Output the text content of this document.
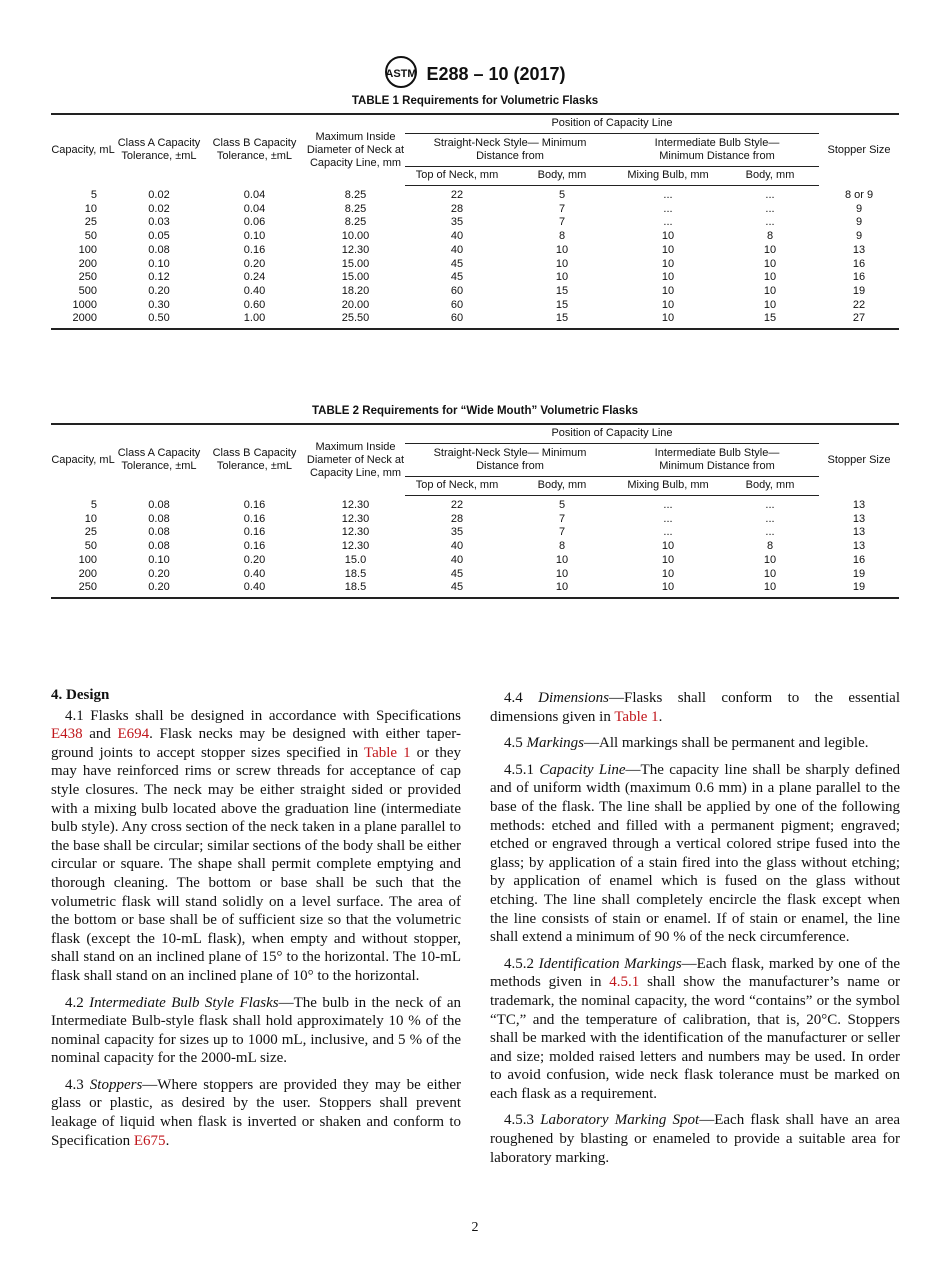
ASTM E288 – 10 (2017)
TABLE 1 Requirements for Volumetric Flasks
Capacity, mL	Class A Capacity Tolerance, ±mL	Class B Capacity Tolerance, ±mL	Maximum Inside Diameter of Neck at Capacity Line, mm	Position of Capacity Line				Stopper Size
				Straight-Neck Style— Minimum Distance from		Intermediate Bulb Style— Minimum Distance from		
				Top of Neck, mm	Body, mm	Mixing Bulb, mm	Body, mm	
5	0.02	0.04	8.25	22	5	...	...	8 or 9
10	0.02	0.04	8.25	28	7	...	...	9
25	0.03	0.06	8.25	35	7	...	...	9
50	0.05	0.10	10.00	40	8	10	8	9
100	0.08	0.16	12.30	40	10	10	10	13
200	0.10	0.20	15.00	45	10	10	10	16
250	0.12	0.24	15.00	45	10	10	10	16
500	0.20	0.40	18.20	60	15	10	10	19
1000	0.30	0.60	20.00	60	15	10	10	22
2000	0.50	1.00	25.50	60	15	10	15	27
TABLE 2 Requirements for “Wide Mouth” Volumetric Flasks
Capacity, mL	Class A Capacity Tolerance, ±mL	Class B Capacity Tolerance, ±mL	Maximum Inside Diameter of Neck at Capacity Line, mm	Position of Capacity Line				Stopper Size
				Straight-Neck Style— Minimum Distance from		Intermediate Bulb Style— Minimum Distance from		
				Top of Neck, mm	Body, mm	Mixing Bulb, mm	Body, mm	
5	0.08	0.16	12.30	22	5	...	...	13
10	0.08	0.16	12.30	28	7	...	...	13
25	0.08	0.16	12.30	35	7	...	...	13
50	0.08	0.16	12.30	40	8	10	8	13
100	0.10	0.20	15.0	40	10	10	10	16
200	0.20	0.40	18.5	45	10	10	10	19
250	0.20	0.40	18.5	45	10	10	10	19
4. Design

4.1 Flasks shall be designed in accordance with Specifications E438 and E694. Flask necks may be designed with either taper-ground joints to accept stopper sizes specified in Table 1 or they may have reinforced rims or screw threads for acceptance of cap style closures. The neck may be either straight sided or provided with a mixing bulb located above the graduation line (intermediate bulb style). Any cross section of the neck taken in a plane parallel to the base shall be circular; similar sections of the body shall be either circular or square. The shape shall permit complete emptying and thorough cleaning. The bottom or base shall be such that the volumetric flask will stand solidly on a level surface. The area of the bottom or base shall be of sufficient size so that the volumetric flask (except the 10-mL flask), when empty and without stopper, shall stand on an inclined plane of 15° to the horizontal. The 10-mL flask shall stand on an inclined plane of 10° to the horizontal.

4.2 Intermediate Bulb Style Flasks—The bulb in the neck of an Intermediate Bulb-style flask shall hold approximately 10 % of the nominal capacity for sizes up to 1000 mL, inclusive, and 5 % of the nominal capacity for the 2000-mL size.

4.3 Stoppers—Where stoppers are provided they may be either glass or plastic, as desired by the user. Stoppers shall prevent leakage of liquid when flask is inverted or shaken and conform to Specification E675.

4.4 Dimensions—Flasks shall conform to the essential dimensions given in Table 1.

4.5 Markings—All markings shall be permanent and legible.

4.5.1 Capacity Line—The capacity line shall be sharply defined and of uniform width (maximum 0.6 mm) in a plane parallel to the base of the flask. The line shall be applied by one of the following methods: etched and filled with a permanent pigment; engraved; etched or engraved through a vertical colored stripe fused into the glass; by application of a stain fired into the glass without etching; by application of enamel which is fused on the glass without etching. The line shall completely encircle the flask except when the line consists of stain or enamel. If of stain or enamel, the line shall extend a minimum of 90 % of the neck circumference.

4.5.2 Identification Markings—Each flask, marked by one of the methods given in 4.5.1 shall show the manufacturer’s name or trademark, the nominal capacity, the word “contains” or the symbol “TC,” and the temperature of calibration, that is, 20°C. Stoppers shall be marked with the identification of the manufacturer or seller and size; molded raised letters and numbers may be used. In order to avoid confusion, wide neck flask tolerance must be marked on each flask as a requirement.

4.5.3 Laboratory Marking Spot—Each flask shall have an area roughened by blasting or enameled to provide a suitable area for laboratory marking.

2
